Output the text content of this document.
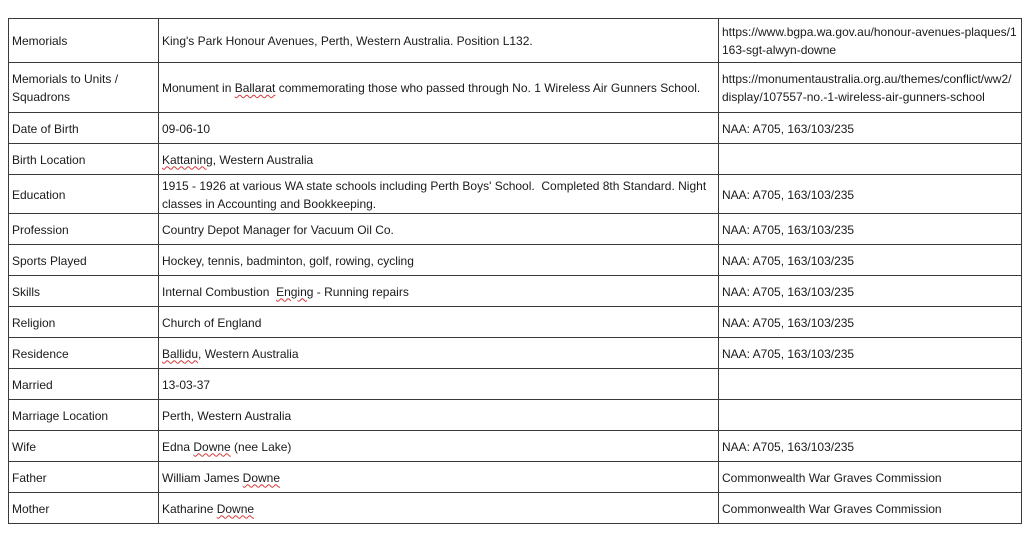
Memorials	King's Park Honour Avenues, Perth, Western Australia. Position L132.	https://www.bgpa.wa.gov.au/honour-avenues-plaques/1163-sgt-alwyn-downe
Memorials to Units / Squadrons	Monument in Ballarat commemorating those who passed through No. 1 Wireless Air Gunners School.	https://monumentaustralia.org.au/themes/conflict/ww2/display/107557-no.-1-wireless-air-gunners-school
Date of Birth	09-06-10	NAA: A705, 163/103/235
Birth Location	Kattaning, Western Australia	
Education	1915 - 1926 at various WA state schools including Perth Boys' School.  Completed 8th Standard. Night classes in Accounting and Bookkeeping.	NAA: A705, 163/103/235
Profession	Country Depot Manager for Vacuum Oil Co.	NAA: A705, 163/103/235
Sports Played	Hockey, tennis, badminton, golf, rowing, cycling	NAA: A705, 163/103/235
Skills	Internal Combustion  Enging - Running repairs	NAA: A705, 163/103/235
Religion	Church of England	NAA: A705, 163/103/235
Residence	Ballidu, Western Australia	NAA: A705, 163/103/235
Married	13-03-37	
Marriage Location	Perth, Western Australia	
Wife	Edna Downe (nee Lake)	NAA: A705, 163/103/235
Father	William James Downe	Commonwealth War Graves Commission
Mother	Katharine Downe	Commonwealth War Graves Commission
